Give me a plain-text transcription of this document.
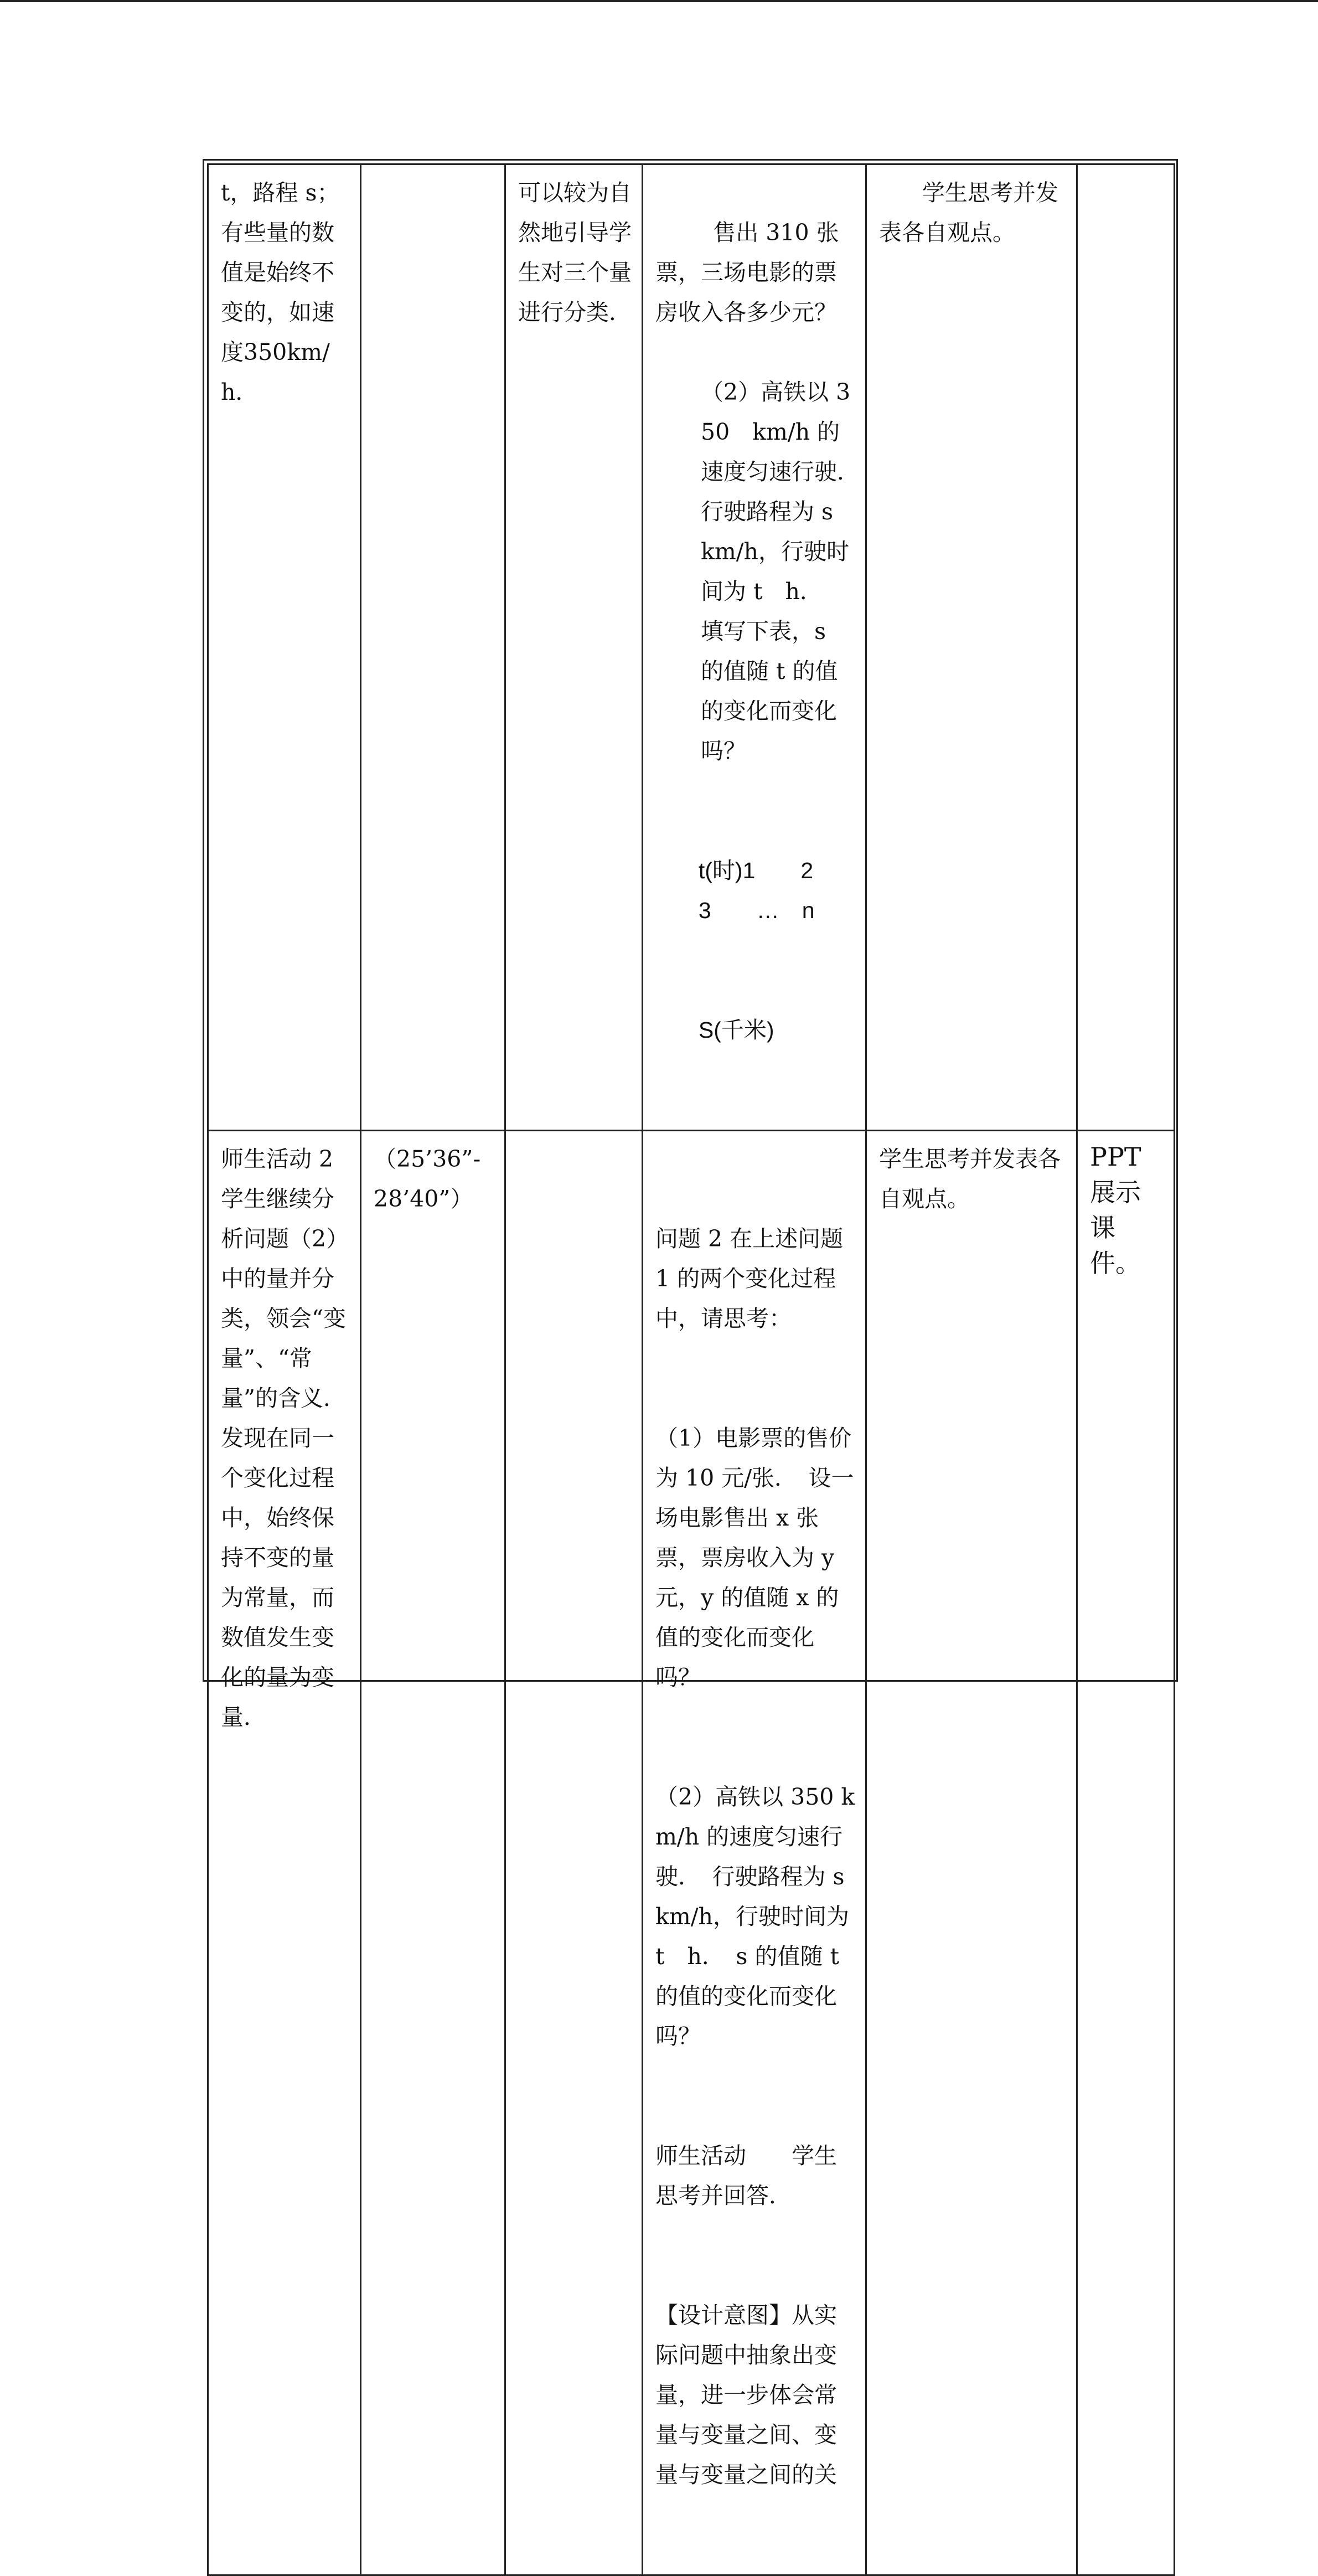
t，路程 s；有些量的数值是始终不变的，如速度350km/h．		可以较为自然地引导学生对三个量进行分类．	售出 310 张票，三场电影的票房收入各多少元？

（2）高铁以 350　km/h 的速度匀速行驶．　行驶路程为 s　km/h，行驶时间为 t　h．　填写下表，s 的值随 t 的值的变化而变化吗？

t(时)1　　2　　3　　…　n

S(千米)	学生思考并发表各自观点。	

师生活动 2 学生继续分析问题（2）中的量并分类，领会“变量”、“常量”的含义．发现在同一个变化过程中，始终保持不变的量为常量，而数值发生变化的量为变量．	（25’36”-28’40”）		问题 2 在上述问题 1 的两个变化过程中，请思考：

（1）电影票的售价为 10 元/张．　设一场电影售出 x 张票，票房收入为 y 元，y 的值随 x 的值的变化而变化吗？

（2）高铁以 350 km/h 的速度匀速行驶．　行驶路程为 s km/h，行驶时间为 t　h．　s 的值随 t 的值的变化而变化吗？

师生活动　　学生思考并回答．

【设计意图】从实际问题中抽象出变量，进一步体会常量与变量之间、变量与变量之间的关	学生思考并发表各自观点。	PPT 展示课件。
